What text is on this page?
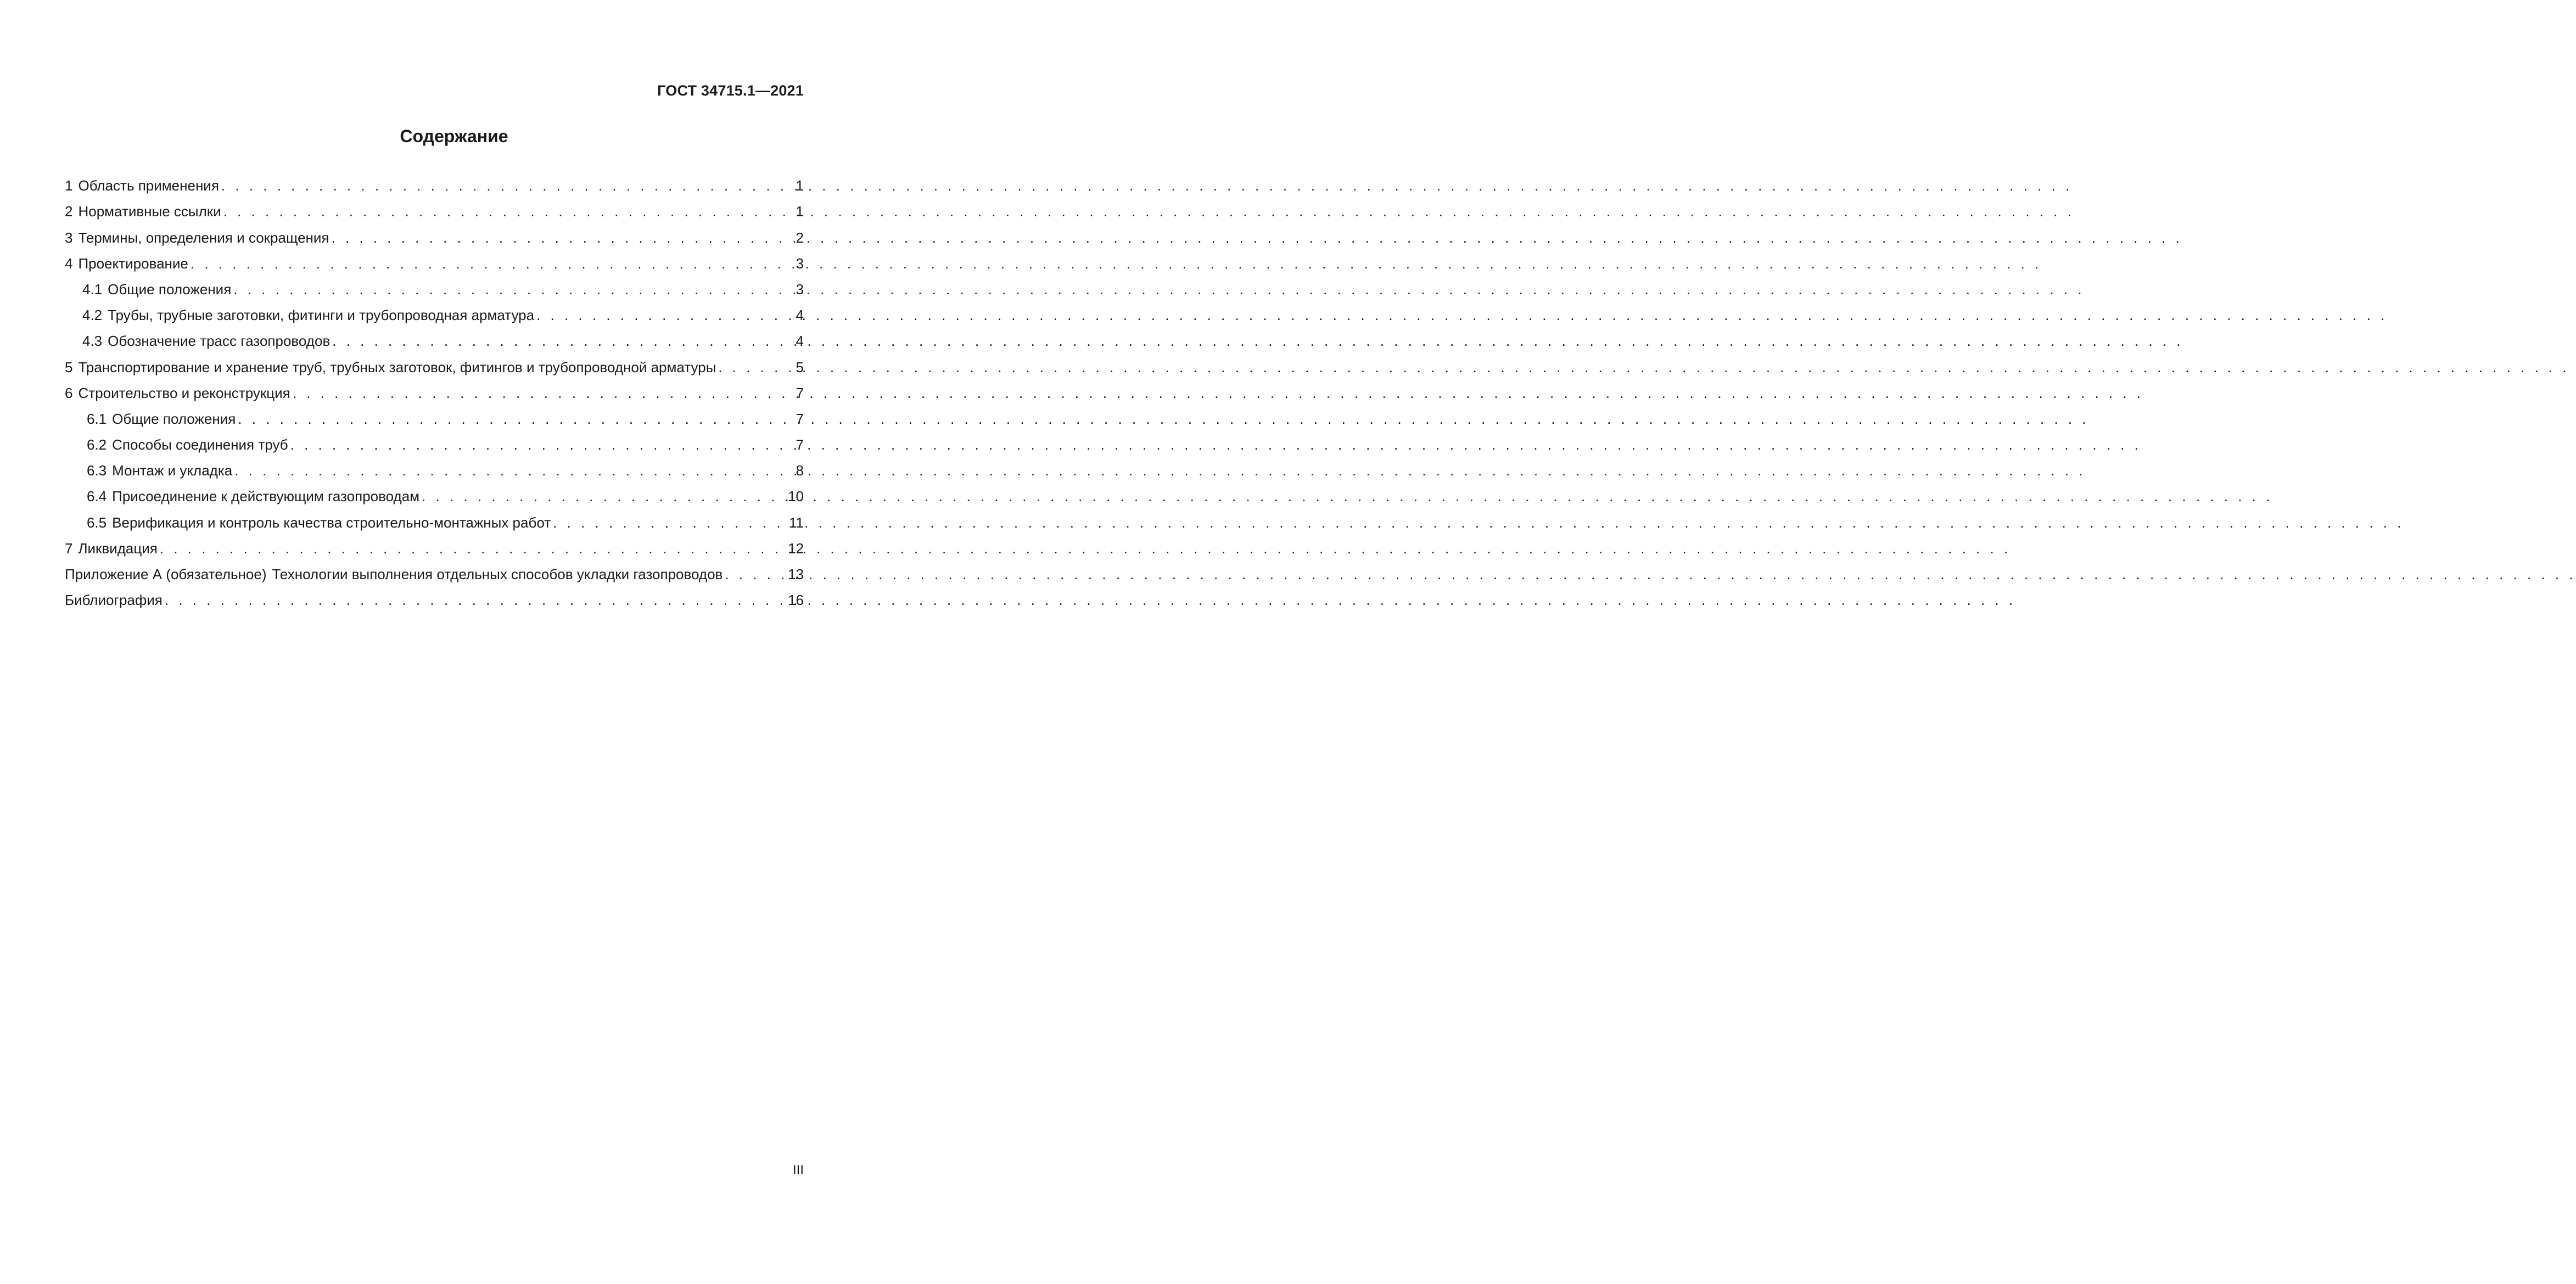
ГОСТ 34715.1—2021
Содержание
1 Область применения . . .	1
2 Нормативные ссылки . . .	1
3 Термины, определения и сокращения . . .	2
4 Проектирование . . .	3
4.1 Общие положения . . .	3
4.2 Трубы, трубные заготовки, фитинги и трубопроводная арматура . . .	4
4.3 Обозначение трасс газопроводов . . .	4
5 Транспортирование и хранение труб, трубных заготовок, фитингов и трубопроводной арматуры . . .	5
6 Строительство и реконструкция . . .	7
6.1 Общие положения . . .	7
6.2 Способы соединения труб . . .	7
6.3 Монтаж и укладка . . .	8
6.4 Присоединение к действующим газопроводам . . .	10
6.5 Верификация и контроль качества строительно-монтажных работ . . .	11
7 Ликвидация . . .	12
Приложение А (обязательное) Технологии выполнения отдельных способов укладки газопроводов . . .	13
Библиография . . .	16
III
